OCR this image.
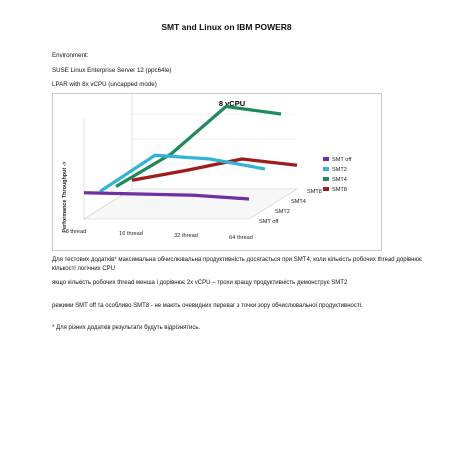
SMT and Linux on IBM POWER8
Environment:
SUSE Linux Enterprise Server 12 (ppc64le)
LPAR with 8x vCPU (uncapped mode)
8 vCPU
8 thread	16 thread	32 thread	64 thread
SMT8
SMT4
SMT2
SMT off
Performance Throughput ->
SMT off
SMT2
SMT4
SMT8
Для тестових додатків* максимальна обчислювальна продуктивність досягається при SMT4, коли кількість робочих thread дорівнює кількості логічних CPU
якщо кількість робочих thread менша і дорівнює 2x vCPU – трохи кращу продуктивність демонструє SMT2
режими SMT off та особливо SMT8 - не мають очевидних переваг з точки зору обчислювальної продуктивності.
* Для різних додатків результати будуть відрізнятись.
